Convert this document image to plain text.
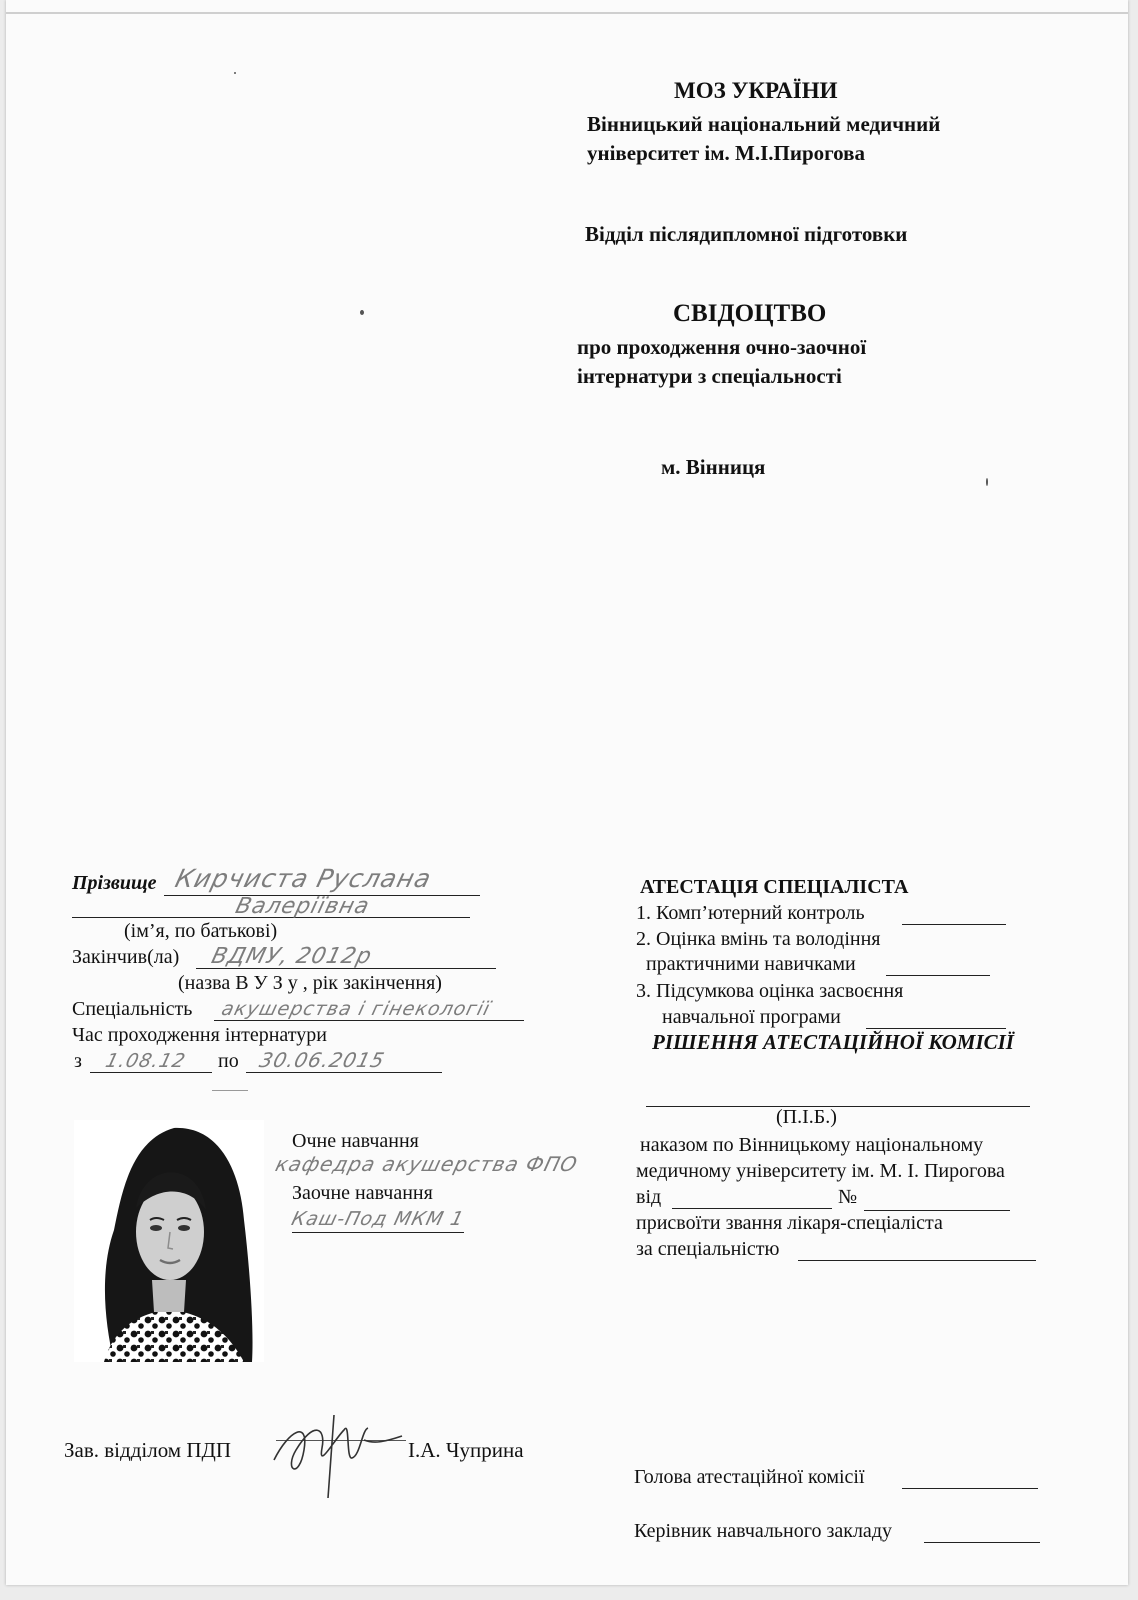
МОЗ УКРАЇНИ
Вінницький національний медичний
університет ім. М.І.Пирогова
Відділ післядипломної підготовки
СВІДОЦТВО
про проходження очно-заочної
інтернатури з спеціальності
м. Вінниця
Прізвище Кирчиста Руслана
Валеріївна
(ім’я, по батькові)
Закінчив(ла) ВДМУ, 2012р
(назва В У З у , рік закінчення)
Спеціальність акушерства і гінекології
Час проходження інтернатури
з 1.08.12 по 30.06.2015
Очне навчання
кафедра акушерства ФПО
Заочне навчання
Каш-Под МКМ 1
Зав. відділом ПДП	І.А. Чуприна
АТЕСТАЦІЯ СПЕЦІАЛІСТА
1. Комп’ютерний контроль
2. Оцінка вмінь та володіння
практичними навичками
3. Підсумкова оцінка засвоєння
навчальної програми
РІШЕННЯ АТЕСТАЦІЙНОЇ КОМІСІЇ
(П.І.Б.)
наказом по Вінницькому національному
медичному університету ім. М. І. Пирогова
від	№
присвоїти звання лікаря-спеціаліста
за спеціальністю
Голова атестаційної комісії
Керівник навчального закладу
